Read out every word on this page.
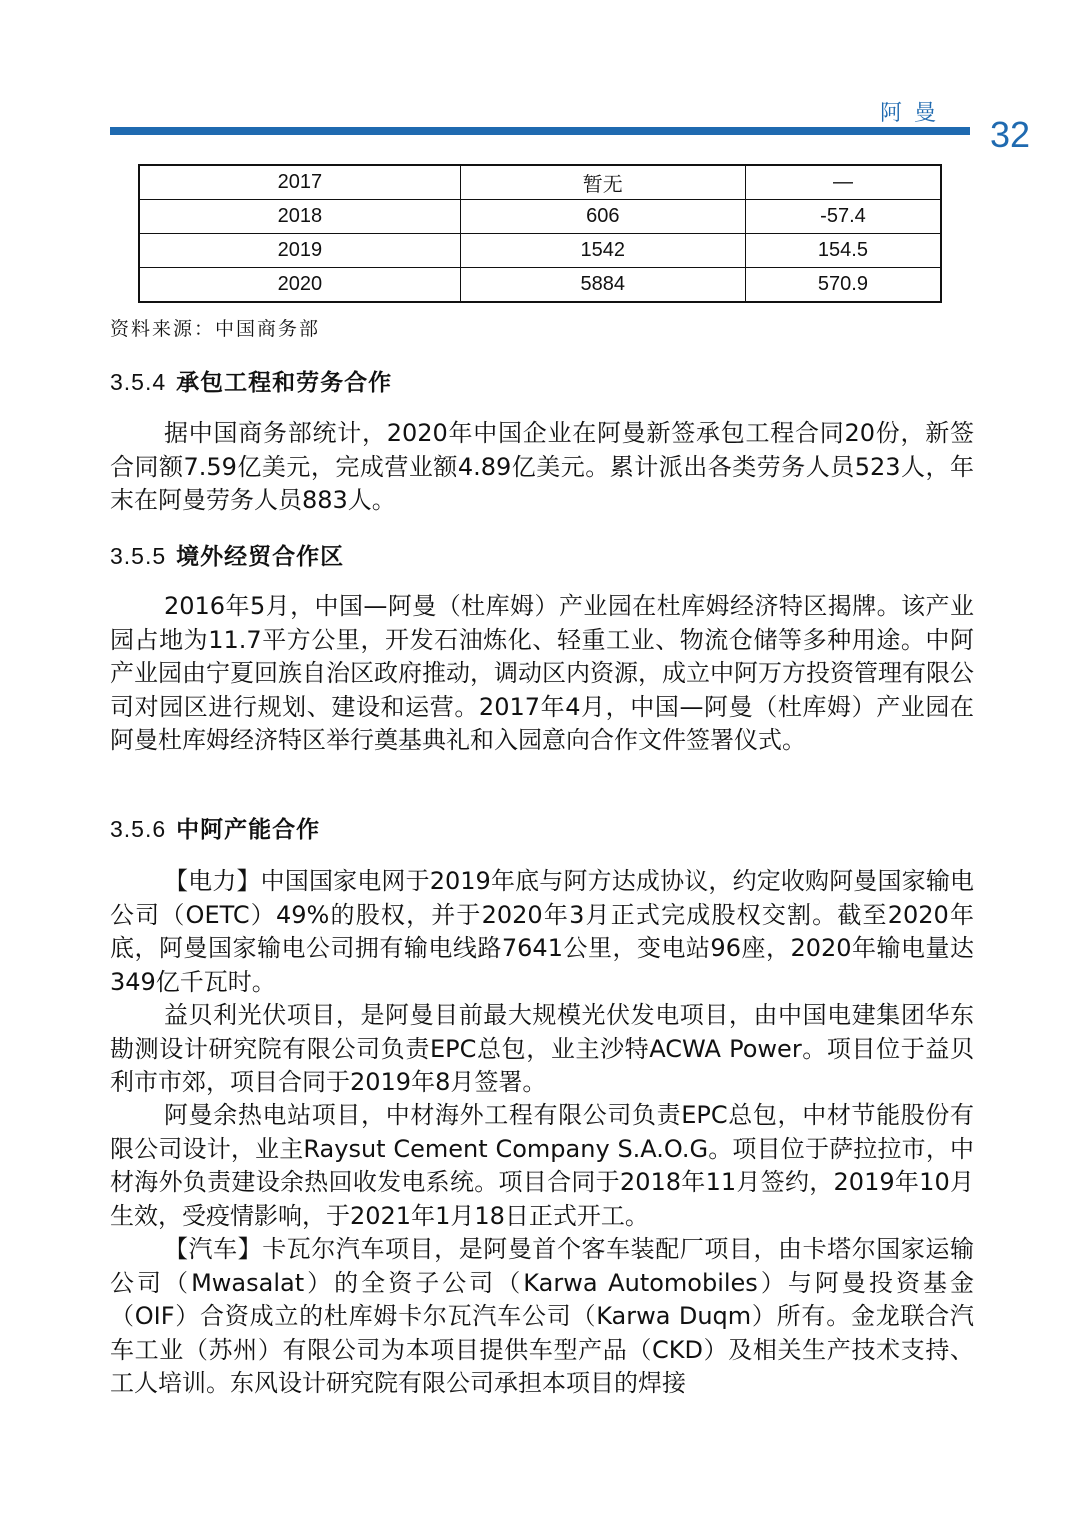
阿曼
32
2017	暂无	—
2018	606	-57.4
2019	1542	154.5
2020	5884	570.9
资料来源：中国商务部
3.5.4 承包工程和劳务合作

据中国商务部统计，2020年中国企业在阿曼新签承包工程合同20份，新签合同额7.59亿美元，完成营业额4.89亿美元。累计派出各类劳务人员523人，年末在阿曼劳务人员883人。

3.5.5 境外经贸合作区

2016年5月，中国—阿曼（杜库姆）产业园在杜库姆经济特区揭牌。该产业园占地为11.7平方公里，开发石油炼化、轻重工业、物流仓储等多种用途。中阿产业园由宁夏回族自治区政府推动，调动区内资源，成立中阿万方投资管理有限公司对园区进行规划、建设和运营。2017年4月，中国—阿曼（杜库姆）产业园在阿曼杜库姆经济特区举行奠基典礼和入园意向合作文件签署仪式。

3.5.6 中阿产能合作

【电力】中国国家电网于2019年底与阿方达成协议，约定收购阿曼国家输电公司（OETC）49%的股权，并于2020年3月正式完成股权交割。截至2020年底，阿曼国家输电公司拥有输电线路7641公里，变电站96座，2020年输电量达349亿千瓦时。

益贝利光伏项目，是阿曼目前最大规模光伏发电项目，由中国电建集团华东勘测设计研究院有限公司负责EPC总包，业主沙特ACWA Power。项目位于益贝利市市郊，项目合同于2019年8月签署。

阿曼余热电站项目，中材海外工程有限公司负责EPC总包，中材节能股份有限公司设计，业主Raysut Cement Company S.A.O.G。项目位于萨拉拉市，中材海外负责建设余热回收发电系统。项目合同于2018年11月签约，2019年10月生效，受疫情影响，于2021年1月18日正式开工。

【汽车】卡瓦尔汽车项目，是阿曼首个客车装配厂项目，由卡塔尔国家运输公司（Mwasalat）的全资子公司（Karwa Automobiles）与阿曼投资基金（OIF）合资成立的杜库姆卡尔瓦汽车公司（Karwa Duqm）所有。金龙联合汽车工业（苏州）有限公司为本项目提供车型产品（CKD）及相关生产技术支持、工人培训。东风设计研究院有限公司承担本项目的焊接
